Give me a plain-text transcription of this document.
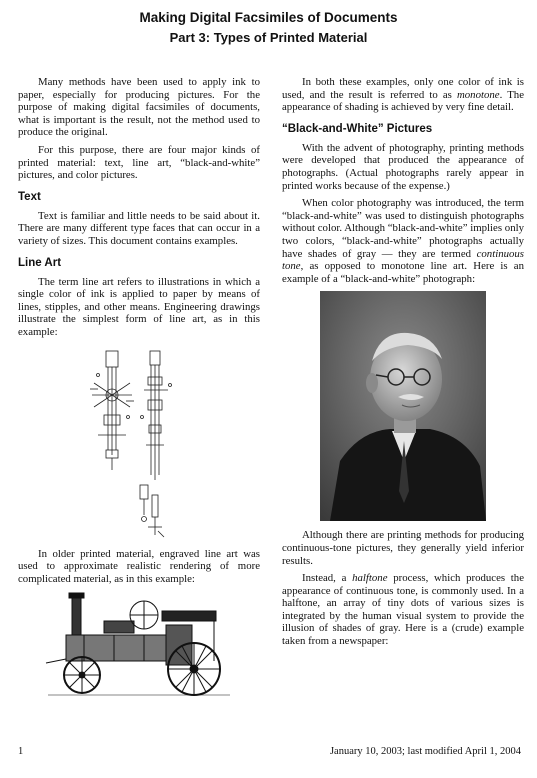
Making Digital Facsimiles of Documents
Part 3: Types of Printed Material

Many methods have been used to apply ink to paper, especially for producing pictures. For the purpose of making digital facsimiles of documents, what is important is the result, not the method used to produce the original.

For this purpose, there are four major kinds of printed material: text, line art, “black-and-white” pictures, and color pictures.

Text

Text is familiar and little needs to be said about it. There are many different type faces that can occur in a variety of sizes. This document contains examples.

Line Art

The term line art refers to illustrations in which a single color of ink is applied to paper by means of lines, stipples, and other means. Engineering drawings illustrate the simplest form of line art, as in this example:

In older printed material, engraved line art was used to approximate realistic rendering of more complicated material, as in this example:

In both these examples, only one color of ink is used, and the result is referred to as monotone. The appearance of shading is achieved by very fine detail.

“Black-and-White” Pictures

With the advent of photography, printing methods were developed that produced the appearance of photographs. (Actual photographs rarely appear in printed works because of the expense.)

When color photography was introduced, the term “black-and-white” was used to distinguish photographs without color. Although “black-and-white” implies only two colors, “black-and-white” photographs actually have shades of gray — they are termed continuous tone, as opposed to monotone line art. Here is an example of a “black-and-white” photograph:

Although there are printing methods for producing continuous-tone pictures, they generally yield inferior results.

Instead, a halftone process, which produces the appearance of continuous tone, is commonly used. In a halftone, an array of tiny dots of various sizes is integrated by the human visual system to provide the illusion of shades of gray. Here is a (crude) example taken from a newspaper:

1	January 10, 2003; last modified April 1, 2004
